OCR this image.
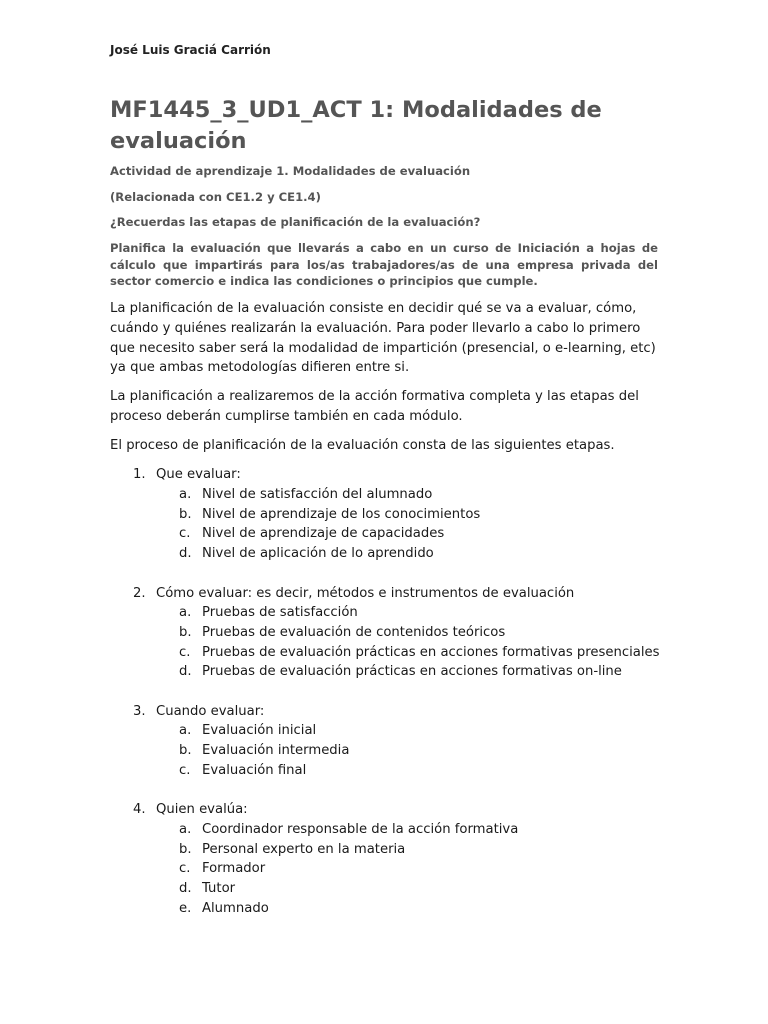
José Luis Graciá Carrión
MF1445_3_UD1_ACT 1: Modalidades de evaluación

Actividad de aprendizaje 1. Modalidades de evaluación

(Relacionada con CE1.2 y CE1.4)

¿Recuerdas las etapas de planificación de la evaluación?

Planifica la evaluación que llevarás a cabo en un curso de Iniciación a hojas de cálculo que impartirás para los/as trabajadores/as de una empresa privada del sector comercio e indica las condiciones o principios que cumple.

La planificación de la evaluación consiste en decidir qué se va a evaluar, cómo, cuándo y quiénes realizarán la evaluación. Para poder llevarlo a cabo lo primero que necesito saber será la modalidad de impartición (presencial, o e-learning, etc) ya que ambas metodologías difieren entre si.

La planificación a realizaremos de la acción formativa completa y las etapas del proceso deberán cumplirse también en cada módulo.

El proceso de planificación de la evaluación consta de las siguientes etapas.

1. Que evaluar:
a. Nivel de satisfacción del alumnado
b. Nivel de aprendizaje de los conocimientos
c. Nivel de aprendizaje de capacidades
d. Nivel de aplicación de lo aprendido
2. Cómo evaluar: es decir, métodos e instrumentos de evaluación
a. Pruebas de satisfacción
b. Pruebas de evaluación de contenidos teóricos
c. Pruebas de evaluación prácticas en acciones formativas presenciales
d. Pruebas de evaluación prácticas en acciones formativas on-line
3. Cuando evaluar:
a. Evaluación inicial
b. Evaluación intermedia
c. Evaluación final
4. Quien evalúa:
a. Coordinador responsable de la acción formativa
b. Personal experto en la materia
c. Formador
d. Tutor
e. Alumnado
